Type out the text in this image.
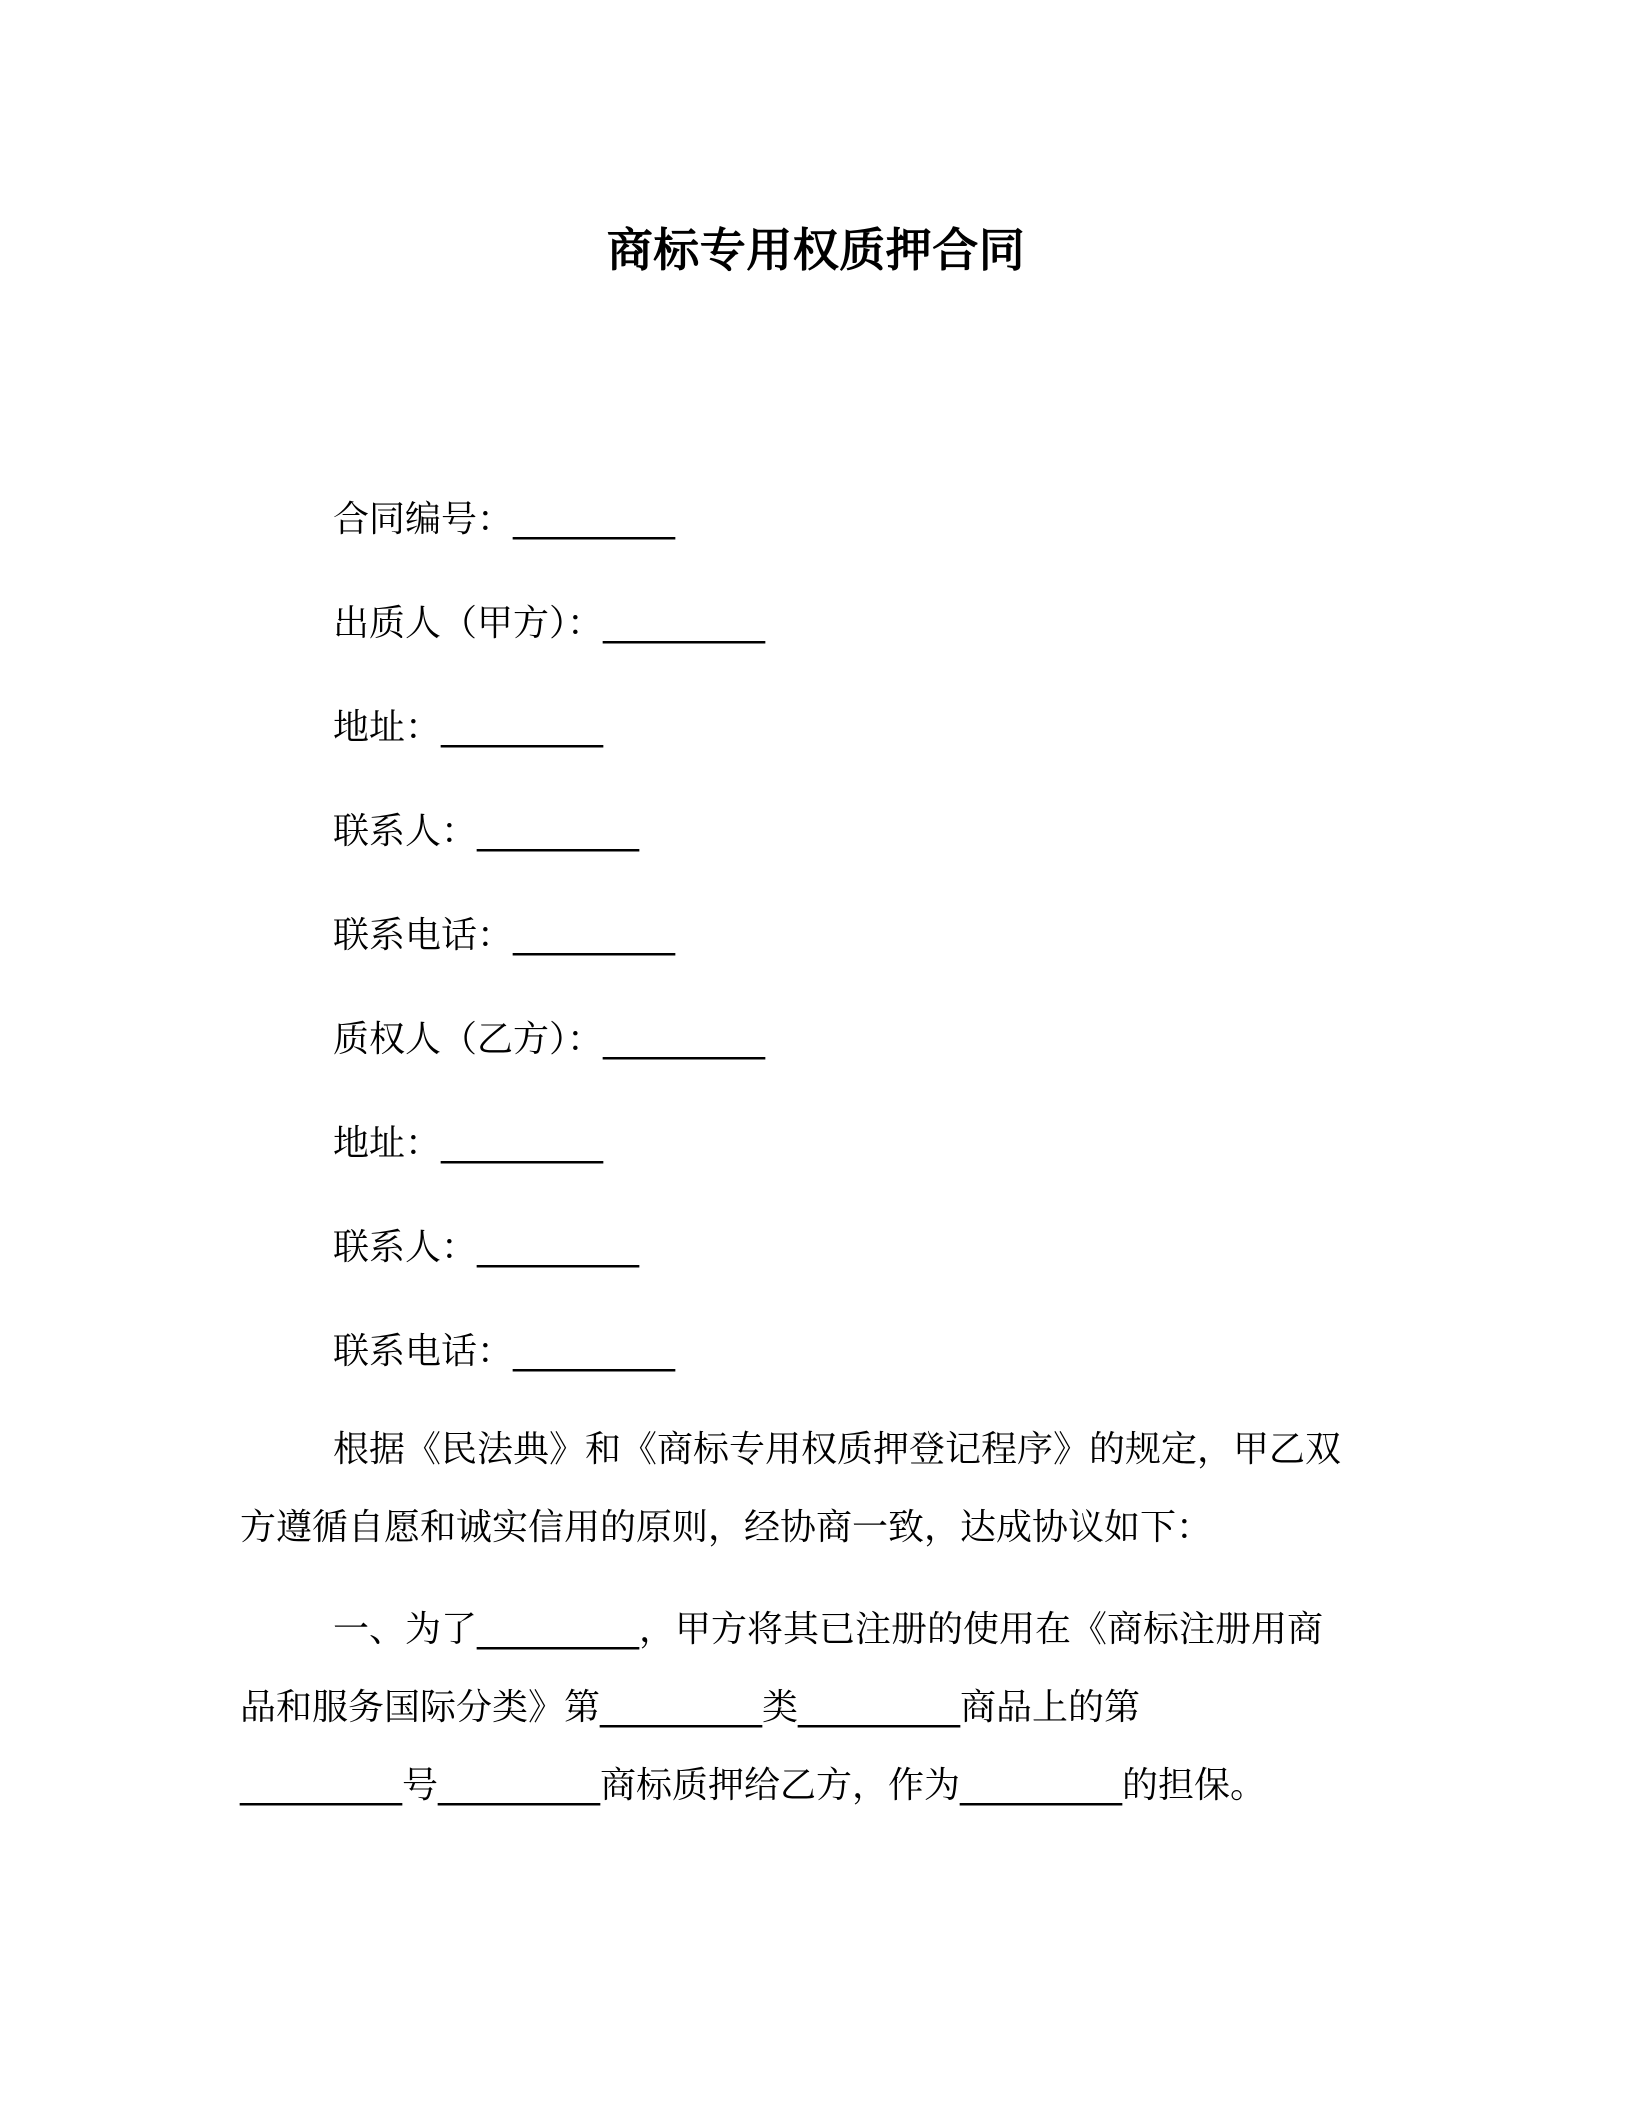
商标专用权质押合同
合同编号：_________
出质人（甲方）：_________
地址：_________
联系人：_________
联系电话：_________
质权人（乙方）：_________
地址：_________
联系人：_________
联系电话：_________
根据《民法典》和《商标专用权质押登记程序》的规定，甲乙双
方遵循自愿和诚实信用的原则，经协商一致，达成协议如下：
一、为了_________，甲方将其已注册的使用在《商标注册用商
品和服务国际分类》第_________类_________商品上的第
_________号_________商标质押给乙方，作为_________的担保。
